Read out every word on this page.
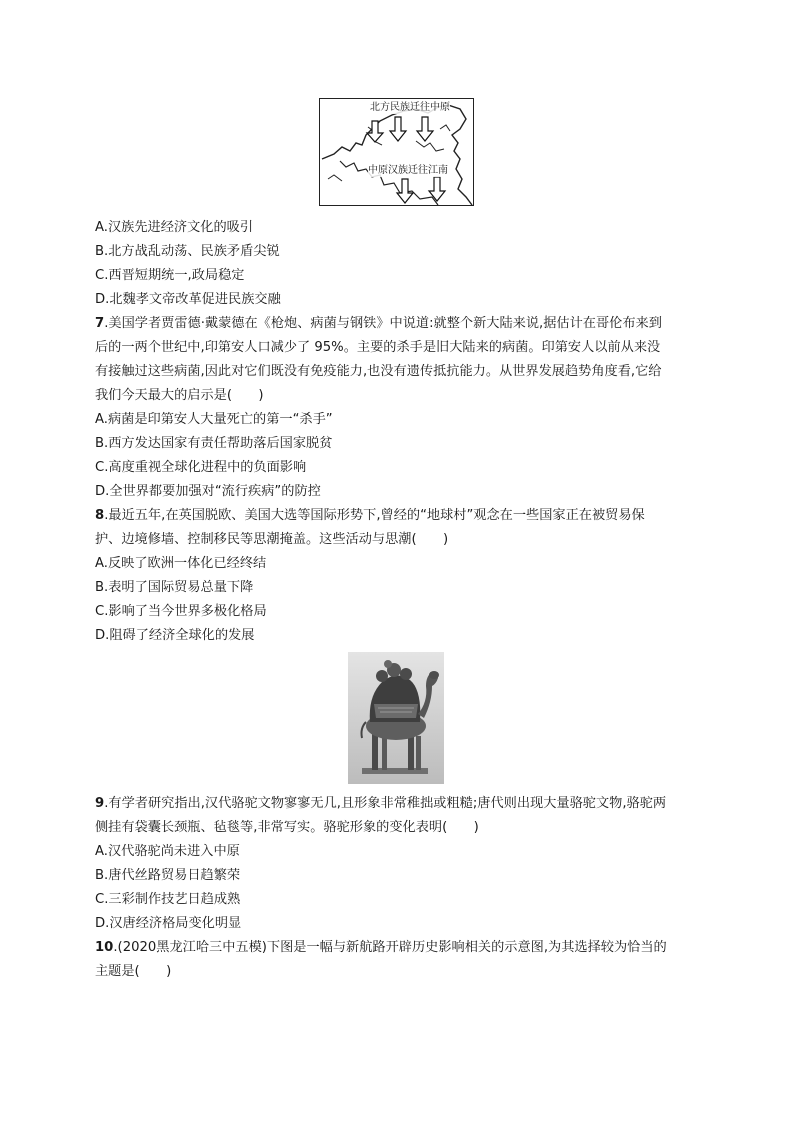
北方民族迁往中原
中原汉族迁往江南
A.汉族先进经济文化的吸引
B.北方战乱动荡、民族矛盾尖锐
C.西晋短期统一,政局稳定
D.北魏孝文帝改革促进民族交融
7.美国学者贾雷德·戴蒙德在《枪炮、病菌与钢铁》中说道:就整个新大陆来说,据估计在哥伦布来到
后的一两个世纪中,印第安人口减少了 95%。主要的杀手是旧大陆来的病菌。印第安人以前从来没
有接触过这些病菌,因此对它们既没有免疫能力,也没有遗传抵抗能力。从世界发展趋势角度看,它给
我们今天最大的启示是(　　)
A.病菌是印第安人大量死亡的第一“杀手”
B.西方发达国家有责任帮助落后国家脱贫
C.高度重视全球化进程中的负面影响
D.全世界都要加强对“流行疾病”的防控
8.最近五年,在英国脱欧、美国大选等国际形势下,曾经的“地球村”观念在一些国家正在被贸易保
护、边境修墙、控制移民等思潮掩盖。这些活动与思潮(　　)
A.反映了欧洲一体化已经终结
B.表明了国际贸易总量下降
C.影响了当今世界多极化格局
D.阻碍了经济全球化的发展
9.有学者研究指出,汉代骆驼文物寥寥无几,且形象非常稚拙或粗糙;唐代则出现大量骆驼文物,骆驼两
侧挂有袋囊长颈瓶、毡毯等,非常写实。骆驼形象的变化表明(　　)
A.汉代骆驼尚未进入中原
B.唐代丝路贸易日趋繁荣
C.三彩制作技艺日趋成熟
D.汉唐经济格局变化明显
10.(2020黑龙江哈三中五模)下图是一幅与新航路开辟历史影响相关的示意图,为其选择较为恰当的
主题是(　　)
